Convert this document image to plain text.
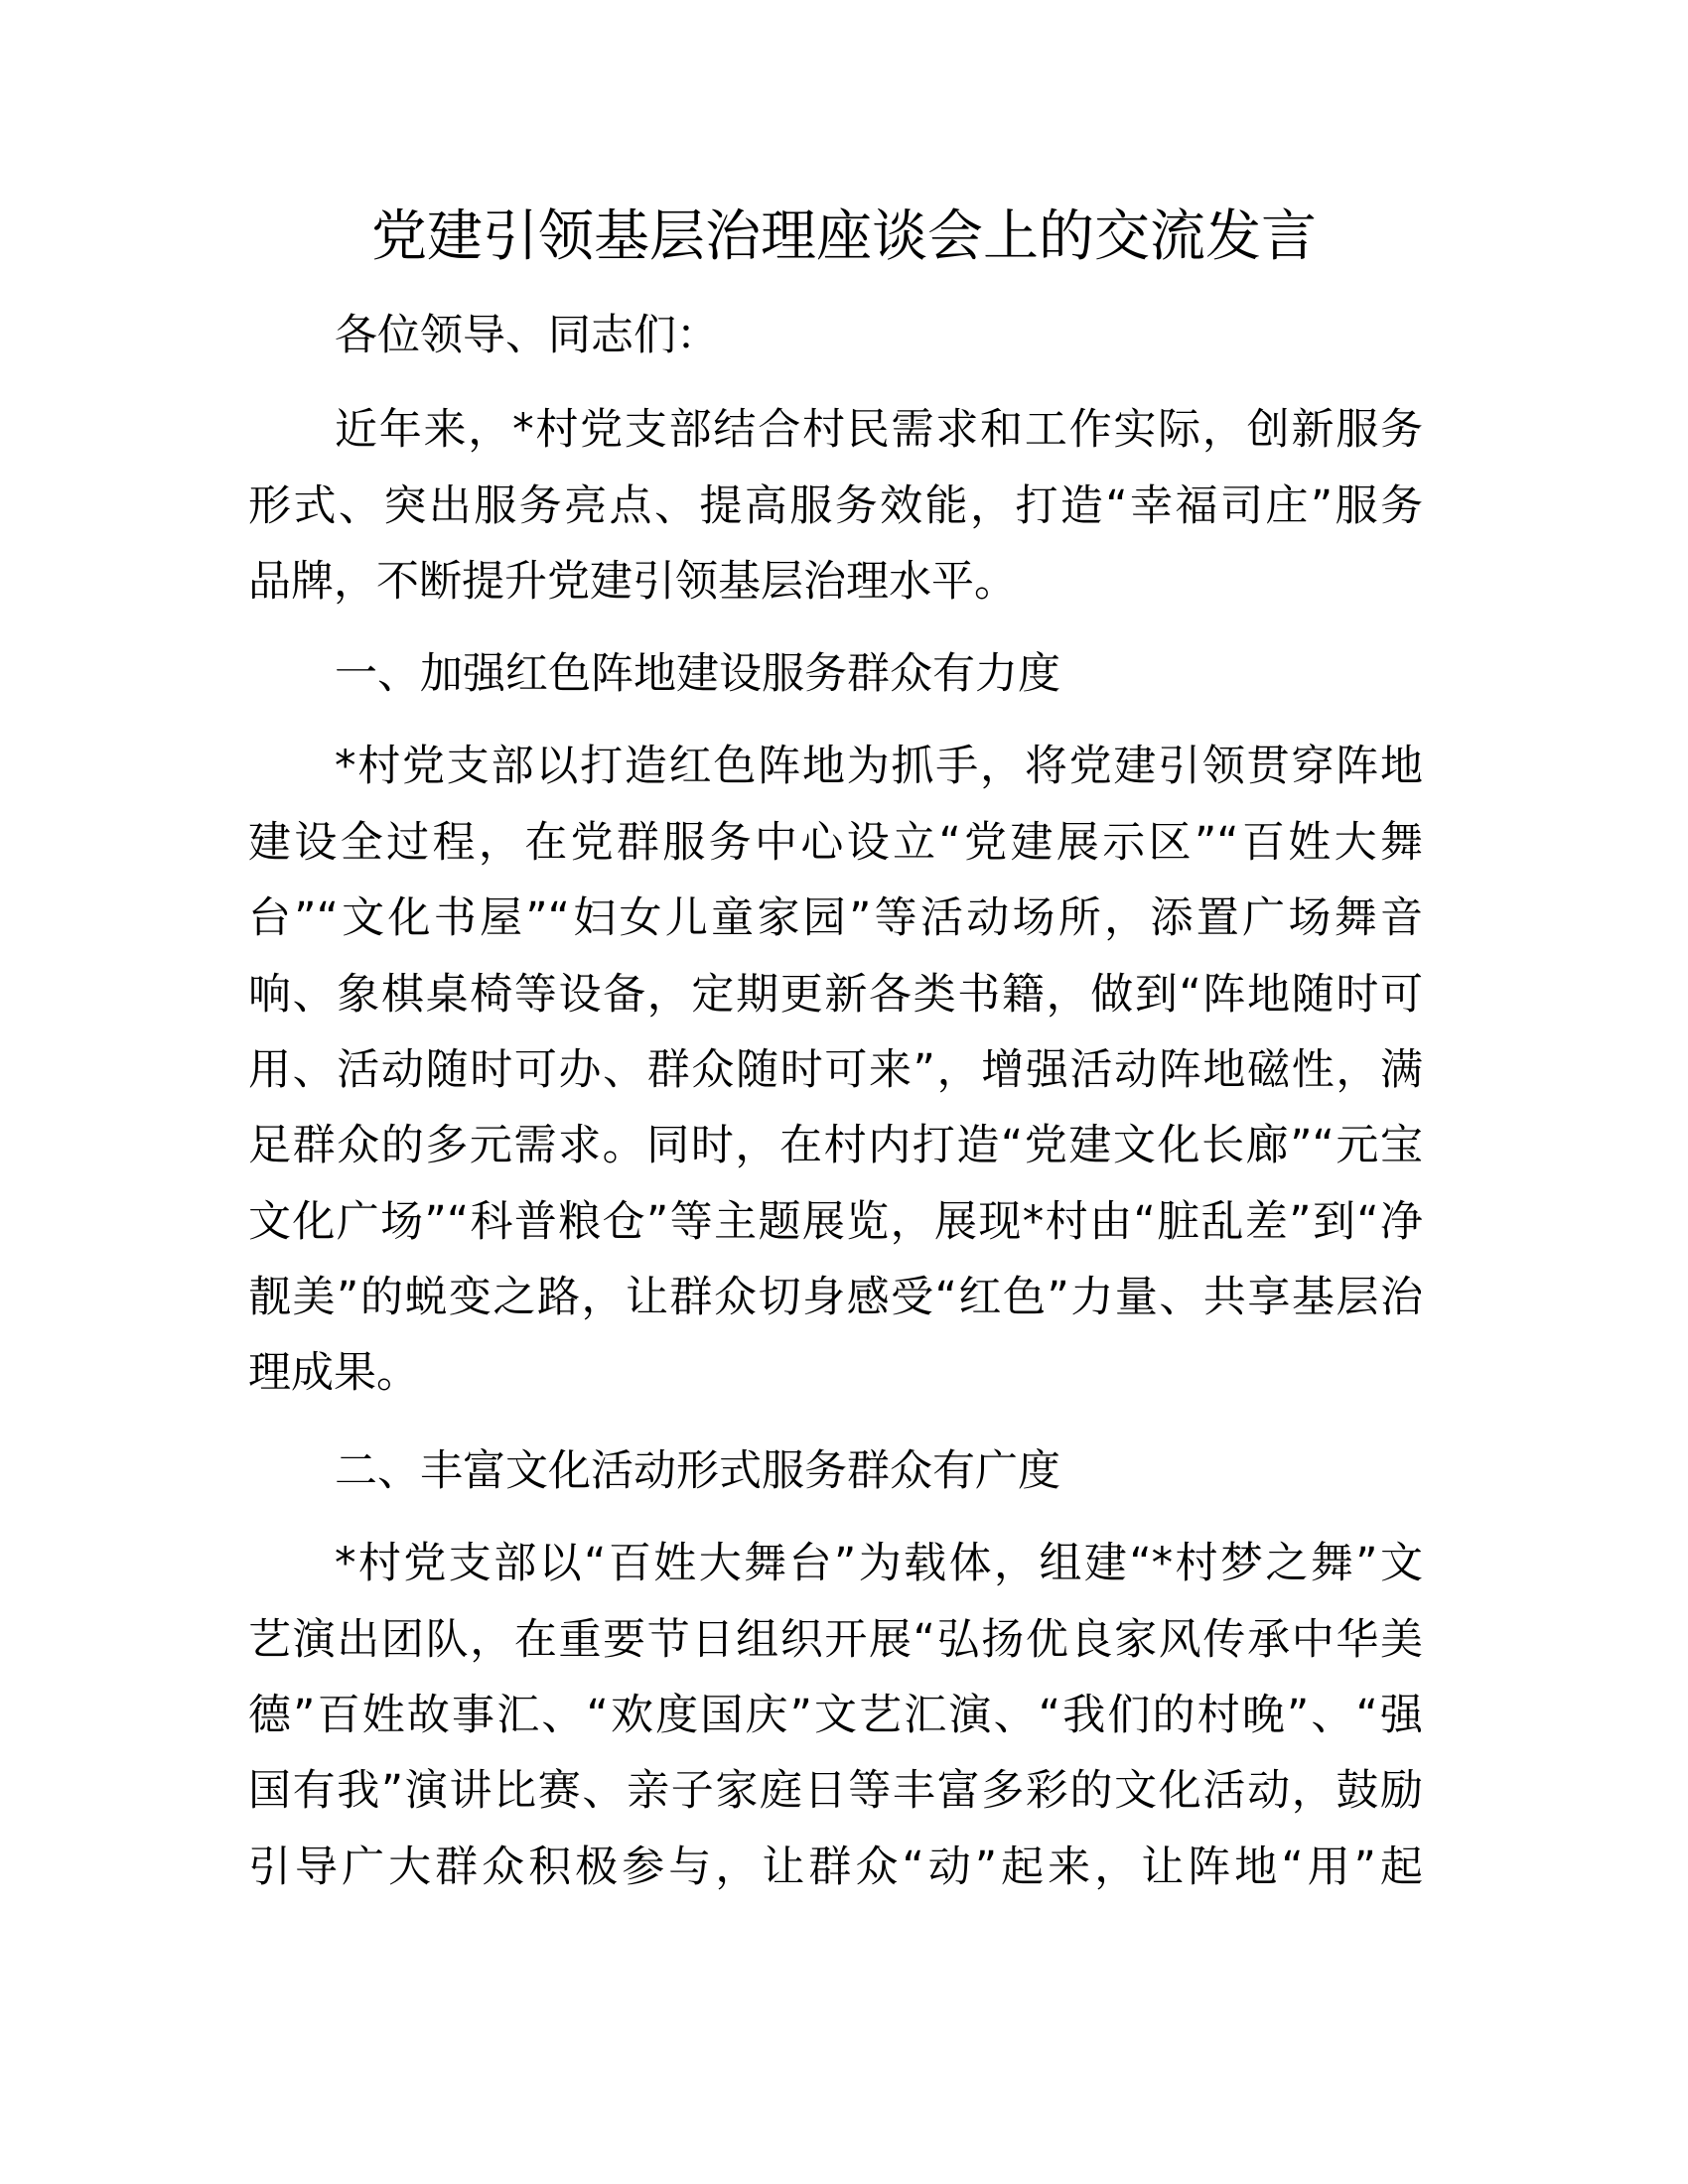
党建引领基层治理座谈会上的交流发言
各位领导、同志们：
近年来，*村党支部结合村民需求和工作实际，创新服务
形式、突出服务亮点、提高服务效能，打造“幸福司庄”服务
品牌，不断提升党建引领基层治理水平。
一、加强红色阵地建设服务群众有力度
*村党支部以打造红色阵地为抓手，将党建引领贯穿阵地
建设全过程，在党群服务中心设立“党建展示区”“百姓大舞
台”“文化书屋”“妇女儿童家园”等活动场所，添置广场舞音
响、象棋桌椅等设备，定期更新各类书籍，做到“阵地随时可
用、活动随时可办、群众随时可来”，增强活动阵地磁性，满
足群众的多元需求。同时，在村内打造“党建文化长廊”“元宝
文化广场”“科普粮仓”等主题展览，展现*村由“脏乱差”到“净
靓美”的蜕变之路，让群众切身感受“红色”力量、共享基层治
理成果。
二、丰富文化活动形式服务群众有广度
*村党支部以“百姓大舞台”为载体，组建“*村梦之舞”文
艺演出团队，在重要节日组织开展“弘扬优良家风传承中华美
德”百姓故事汇、“欢度国庆”文艺汇演、“我们的村晚”、“强
国有我”演讲比赛、亲子家庭日等丰富多彩的文化活动，鼓励
引导广大群众积极参与，让群众“动”起来，让阵地“用”起
